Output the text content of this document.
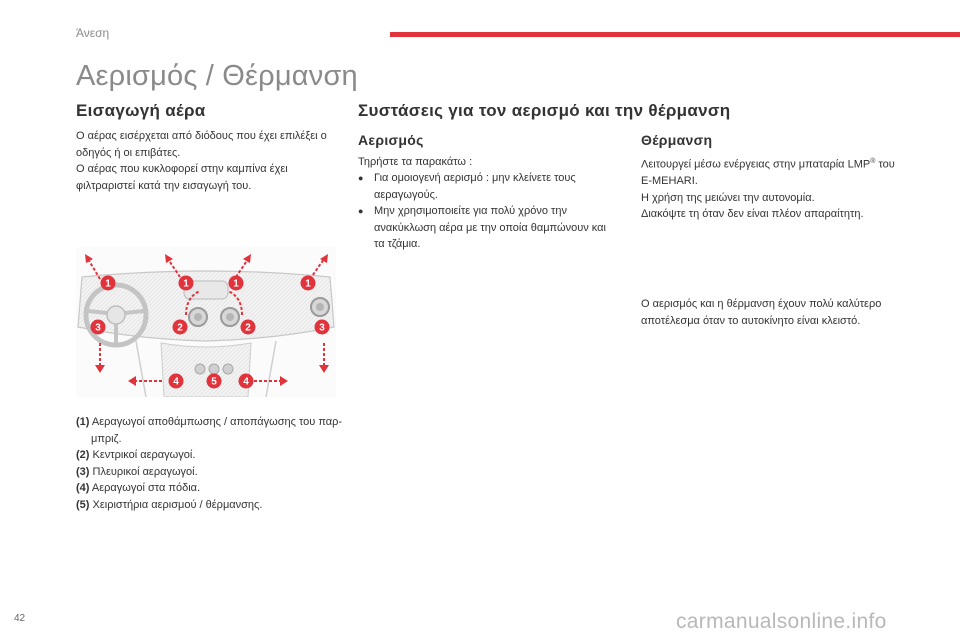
Άνεση
Αερισμός / Θέρμανση
Εισαγωγή αέρα

Ο αέρας εισέρχεται από διόδους που έχει επιλέξει ο οδηγός ή οι επιβάτες.

Ο αέρας που κυκλοφορεί στην καμπίνα έχει φιλτραριστεί κατά την εισαγωγή του.

1	1	1	1
2	2
3	3
4	4
5
(1) Αεραγωγοί αποθάμπωσης / αποπάγωσης του παρ-μπριζ.
(2) Κεντρικοί αεραγωγοί.
(3) Πλευρικοί αεραγωγοί.
(4) Αεραγωγοί στα πόδια.
(5) Χειριστήρια αερισμού / θέρμανσης.
Συστάσεις για τον αερισμό και την θέρμανση
Αερισμός
Τηρήστε τα παρακάτω :
● Για ομοιογενή αερισμό : μην κλείνετε τους αεραγωγούς.
● Μην χρησιμοποιείτε για πολύ χρόνο την ανακύκλωση αέρα με την οποία θαμπώνουν και τα τζάμια.
Θέρμανση

Λειτουργεί μέσω ενέργειας στην μπαταρία LMP® του E-MEHARI.

Η χρήση της μειώνει την αυτονομία.

Διακόψτε τη όταν δεν είναι πλέον απαραίτητη.

Ο αερισμός και η θέρμανση έχουν πολύ καλύτερο αποτέλεσμα όταν το αυτοκίνητο είναι κλειστό.
42	carmanualsonline.info
